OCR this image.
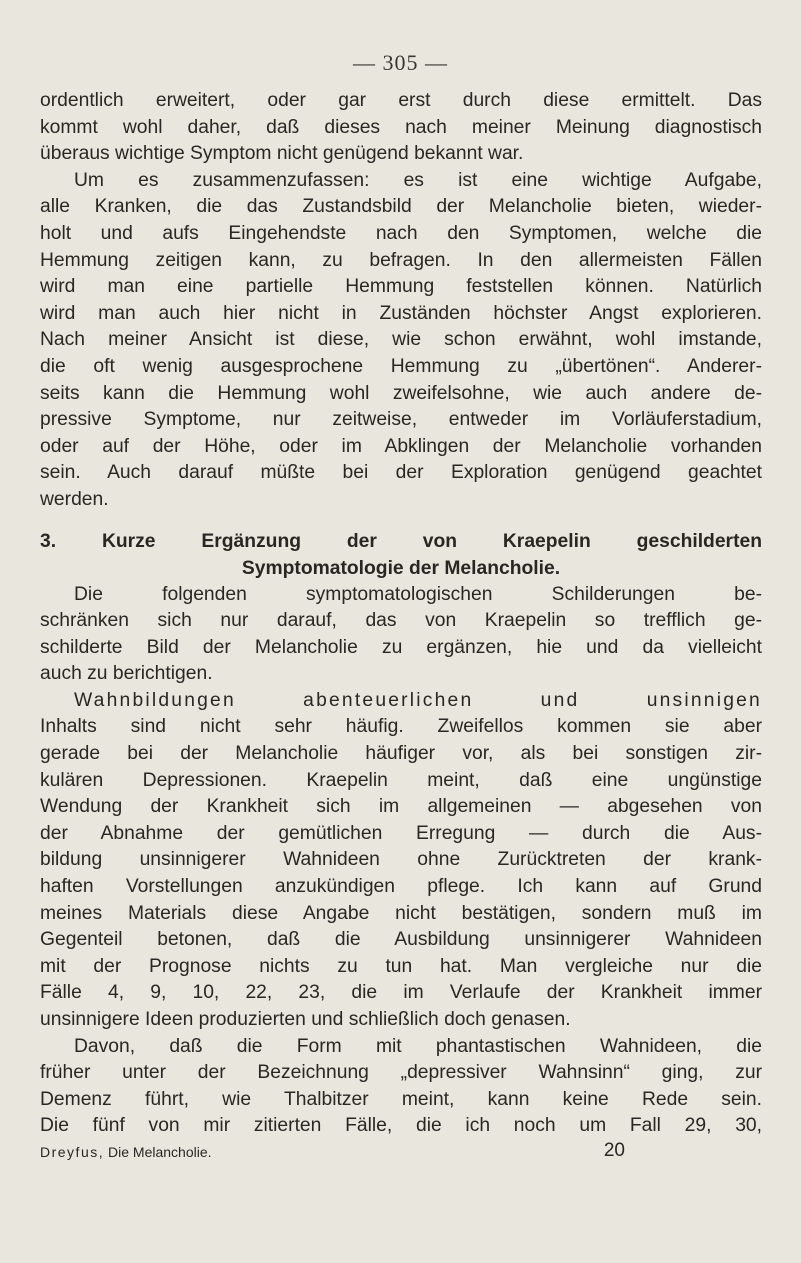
— 305 —

ordentlich erweitert, oder gar erst durch diese ermittelt. Das

kommt wohl daher, daß dieses nach meiner Meinung diagnostisch

überaus wichtige Symptom nicht genügend bekannt war.

Um es zusammenzufassen: es ist eine wichtige Aufgabe,

alle Kranken, die das Zustandsbild der Melancholie bieten, wieder-

holt und aufs Eingehendste nach den Symptomen, welche die

Hemmung zeitigen kann, zu befragen. In den allermeisten Fällen

wird man eine partielle Hemmung feststellen können. Natürlich

wird man auch hier nicht in Zuständen höchster Angst explorieren.

Nach meiner Ansicht ist diese, wie schon erwähnt, wohl imstande,

die oft wenig ausgesprochene Hemmung zu „übertönen“. Anderer-

seits kann die Hemmung wohl zweifelsohne, wie auch andere de-

pressive Symptome, nur zeitweise, entweder im Vorläuferstadium,

oder auf der Höhe, oder im Abklingen der Melancholie vorhanden

sein. Auch darauf müßte bei der Exploration genügend geachtet

werden.

3. Kurze Ergänzung der von Kraepelin geschilderten
Symptomatologie der Melancholie.

Die folgenden symptomatologischen Schilderungen be-

schränken sich nur darauf, das von Kraepelin so trefflich ge-

schilderte Bild der Melancholie zu ergänzen, hie und da vielleicht

auch zu berichtigen.

Wahnbildungen abenteuerlichen und unsinnigen

Inhalts sind nicht sehr häufig. Zweifellos kommen sie aber

gerade bei der Melancholie häufiger vor, als bei sonstigen zir-

kulären Depressionen. Kraepelin meint, daß eine ungünstige

Wendung der Krankheit sich im allgemeinen — abgesehen von

der Abnahme der gemütlichen Erregung — durch die Aus-

bildung unsinnigerer Wahnideen ohne Zurücktreten der krank-

haften Vorstellungen anzukündigen pflege. Ich kann auf Grund

meines Materials diese Angabe nicht bestätigen, sondern muß im

Gegenteil betonen, daß die Ausbildung unsinnigerer Wahnideen

mit der Prognose nichts zu tun hat. Man vergleiche nur die

Fälle 4, 9, 10, 22, 23, die im Verlaufe der Krankheit immer

unsinnigere Ideen produzierten und schließlich doch genasen.

Davon, daß die Form mit phantastischen Wahnideen, die

früher unter der Bezeichnung „depressiver Wahnsinn“ ging, zur

Demenz führt, wie Thalbitzer meint, kann keine Rede sein.

Die fünf von mir zitierten Fälle, die ich noch um Fall 29, 30,

Dreyfus, Die Melancholie.	20
